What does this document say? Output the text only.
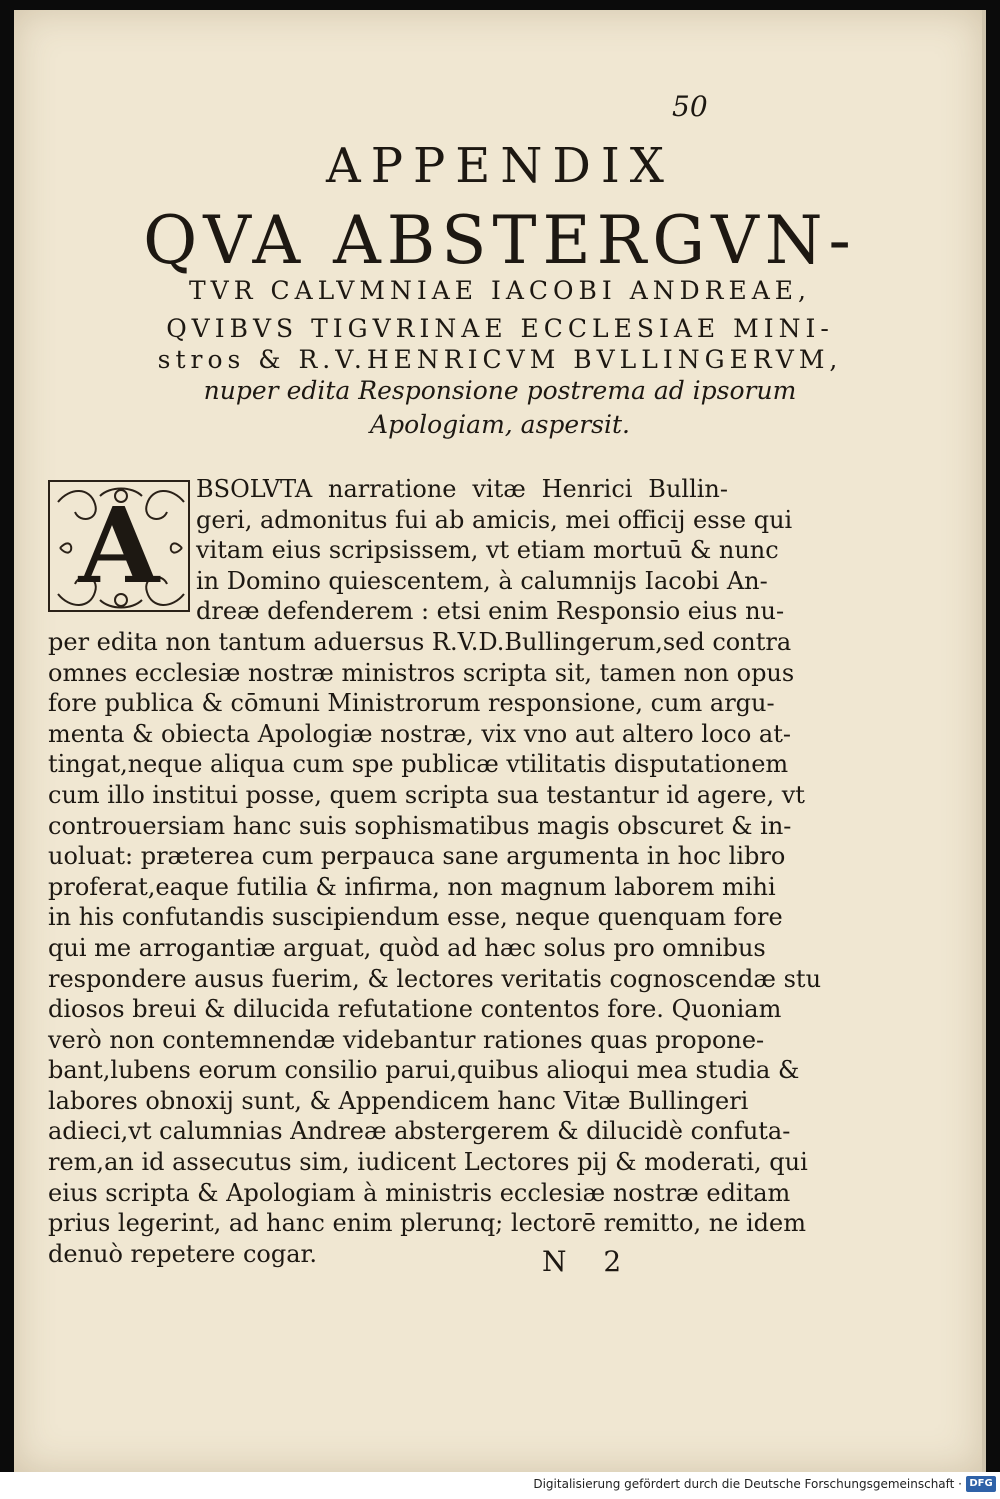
50
APPENDIX
QVA ABSTERGVN-
TVR CALVMNIAE IACOBI ANDREAE,
QVIBVS TIGVRINAE ECCLESIAE MINI-
stros & R.V.HENRICVM BVLLINGERVM,
nuper edita Responsione postrema ad ipsorum
Apologiam, aspersit.
BSOLVTA narratione vitæ Henrici Bullin-
geri, admonitus fui ab amicis, mei officij esse qui
vitam eius scripsissem, vt etiam mortuū & nunc
in Domino quiescentem, à calumnijs Iacobi An-
dreæ defenderem : etsi enim Responsio eius nu-
per edita non tantum aduersus R.V.D.Bullingerum,sed contra
omnes ecclesiæ nostræ ministros scripta sit, tamen non opus
fore publica & cōmuni Ministrorum responsione, cum argu-
menta & obiecta Apologiæ nostræ, vix vno aut altero loco at-
tingat,neque aliqua cum spe publicæ vtilitatis disputationem
cum illo institui posse, quem scripta sua testantur id agere, vt
controuersiam hanc suis sophismatibus magis obscuret & in-
uoluat: præterea cum perpauca sane argumenta in hoc libro
proferat,eaque futilia & infirma, non magnum laborem mihi
in his confutandis suscipiendum esse, neque quenquam fore
qui me arrogantiæ arguat, quòd ad hæc solus pro omnibus
respondere ausus fuerim, & lectores veritatis cognoscendæ stu
diosos breui & dilucida refutatione contentos fore. Quoniam
verò non contemnendæ videbantur rationes quas propone-
bant,lubens eorum consilio parui,quibus alioqui mea studia &
labores obnoxij sunt, & Appendicem hanc Vitæ Bullingeri
adieci,vt calumnias Andreæ abstergerem & dilucidè confuta-
rem,an id assecutus sim, iudicent Lectores pij & moderati, qui
eius scripta & Apologiam à ministris ecclesiæ nostræ editam
prius legerint, ad hanc enim plerunq; lectorē remitto, ne idem
denuò repetere cogar.
A
N 2
Digitalisierung gefördert durch die Deutsche Forschungsgemeinschaft · DFG
